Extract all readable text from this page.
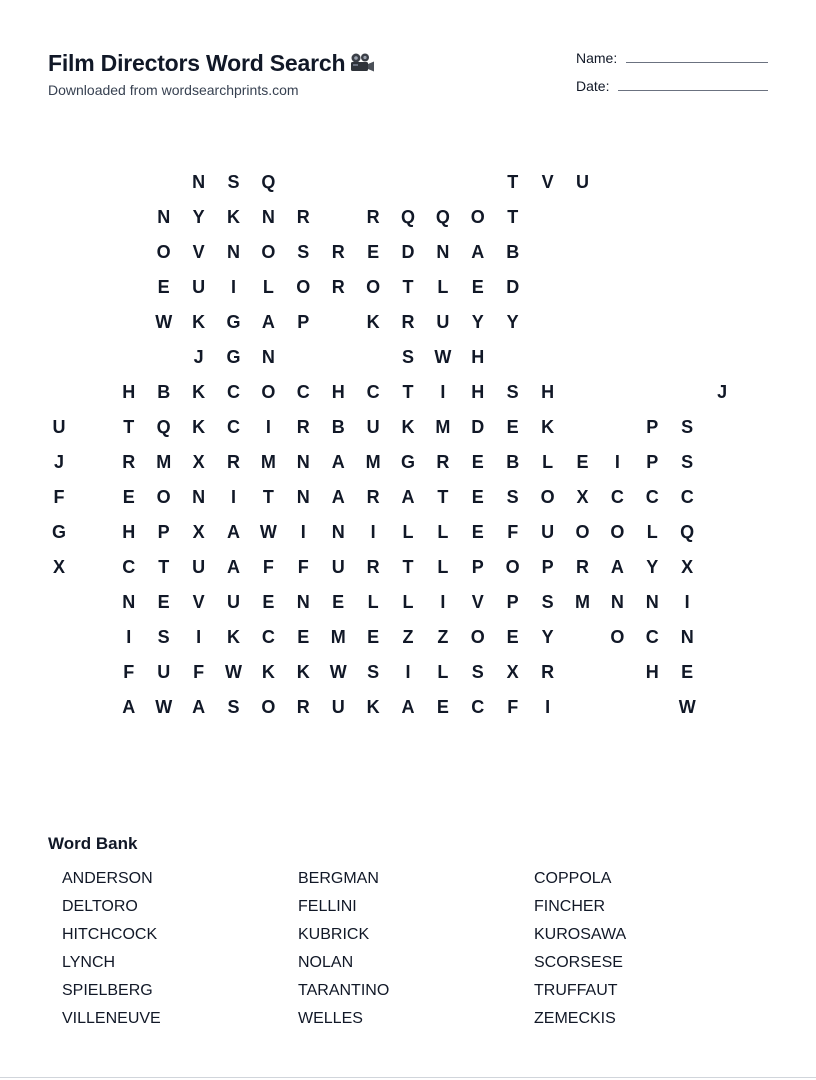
Film Directors Word Search

Downloaded from wordsearchprints.com

Name:
Date:
N	S	Q	T	V	U
N	Y	K	N	R	R	Q	Q	O	T
O	V	N	O	S	R	E	D	N	A	B
E	U	I	L	O	R	O	T	L	E	D
W	K	G	A	P	K	R	U	Y	Y
J	G	N	S	W	H
H	B	K	C	O	C	H	C	T	I	H	S	H	J
U	T	Q	K	C	I	R	B	U	K	M	D	E	K	P	S
J	R	M	X	R	M	N	A	M	G	R	E	B	L	E	I	P	S
F	E	O	N	I	T	N	A	R	A	T	E	S	O	X	C	C	C
G	H	P	X	A	W	I	N	I	L	L	E	F	U	O	O	L	Q
X	C	T	U	A	F	F	U	R	T	L	P	O	P	R	A	Y	X
N	E	V	U	E	N	E	L	L	I	V	P	S	M	N	N	I
I	S	I	K	C	E	M	E	Z	Z	O	E	Y	O	C	N
F	U	F	W	K	K	W	S	I	L	S	X	R	H	E
A	W	A	S	O	R	U	K	A	E	C	F	I	W
Word Bank
ANDERSON	BERGMAN	COPPOLA
DELTORO	FELLINI	FINCHER
HITCHCOCK	KUBRICK	KUROSAWA
LYNCH	NOLAN	SCORSESE
SPIELBERG	TARANTINO	TRUFFAUT
VILLENEUVE	WELLES	ZEMECKIS
